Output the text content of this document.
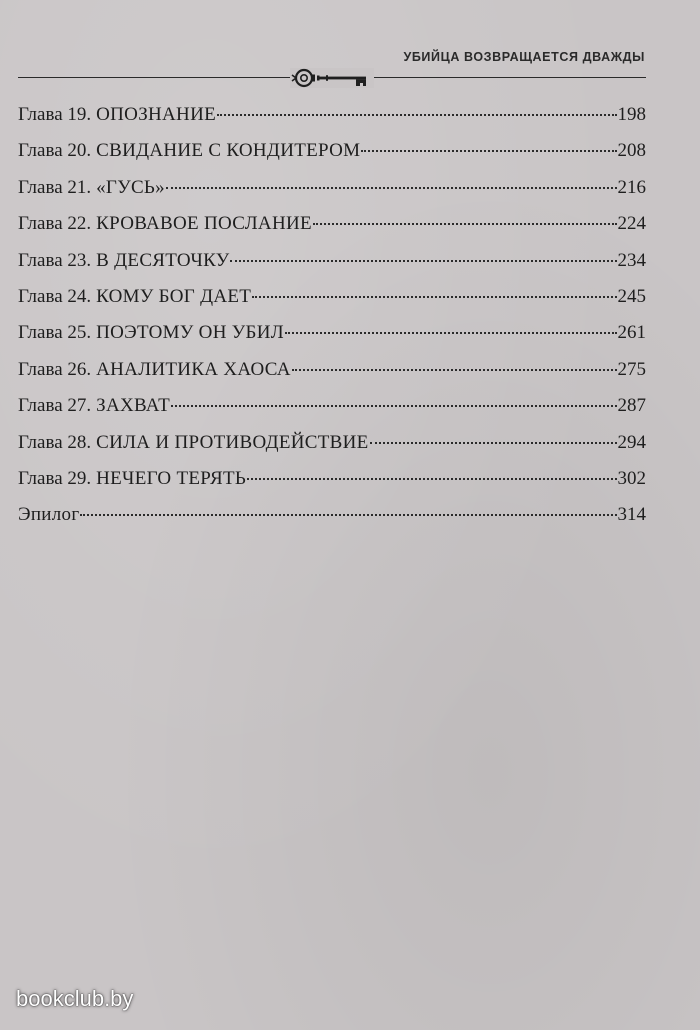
УБИЙЦА ВОЗВРАЩАЕТСЯ ДВАЖДЫ
Глава 19. ОПОЗНАНИЕ	198
Глава 20. СВИДАНИЕ С КОНДИТЕРОМ	208
Глава 21. «ГУСЬ»	216
Глава 22. КРОВАВОЕ ПОСЛАНИЕ	224
Глава 23. В ДЕСЯТОЧКУ	234
Глава 24. КОМУ БОГ ДАЕТ	245
Глава 25. ПОЭТОМУ ОН УБИЛ	261
Глава 26. АНАЛИТИКА ХАОСА	275
Глава 27. ЗАХВАТ	287
Глава 28. СИЛА И ПРОТИВОДЕЙСТВИЕ	294
Глава 29. НЕЧЕГО ТЕРЯТЬ	302
Эпилог	314
bookclub.by
